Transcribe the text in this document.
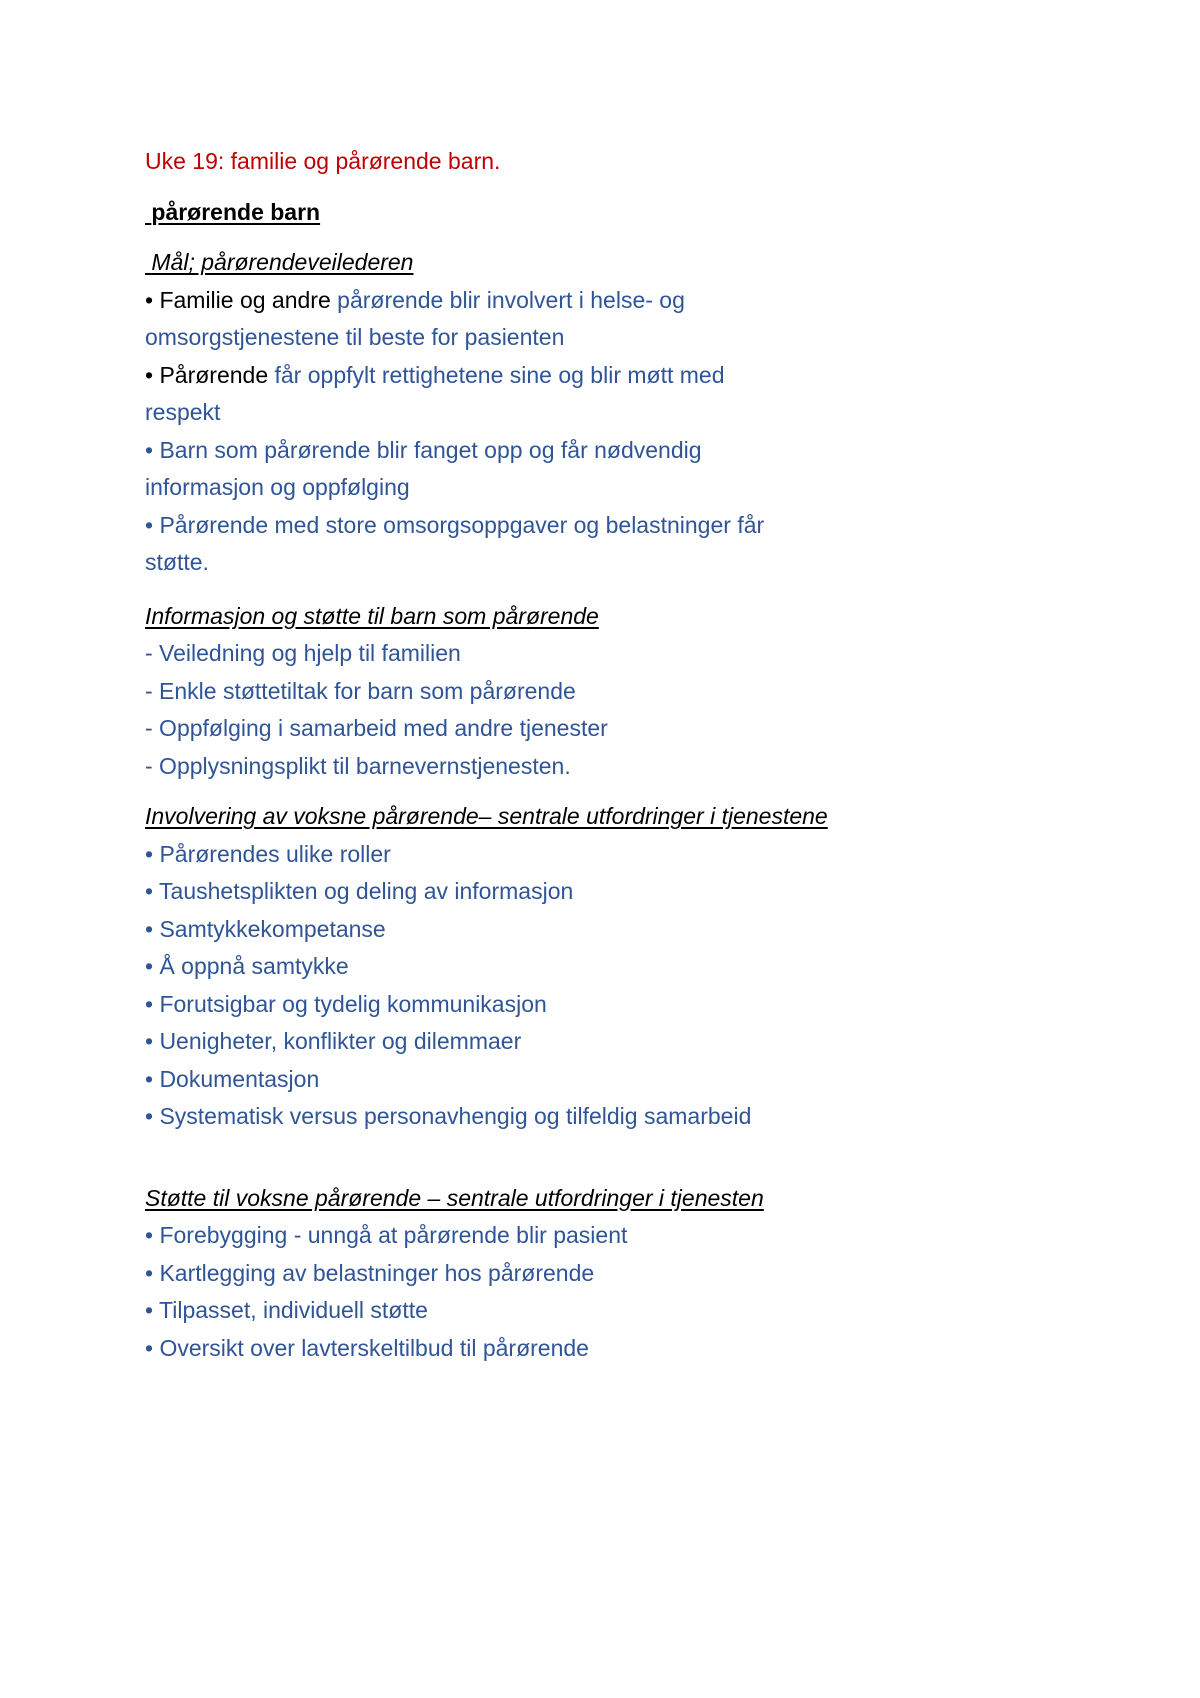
Uke 19: familie og pårørende barn.

pårørende barn

Mål; pårørendeveilederen

• Familie og andre pårørende blir involvert i helse- og

omsorgstjenestene til beste for pasienten

• Pårørende får oppfylt rettighetene sine og blir møtt med

respekt

• Barn som pårørende blir fanget opp og får nødvendig

informasjon og oppfølging

• Pårørende med store omsorgsoppgaver og belastninger får

støtte.

Informasjon og støtte til barn som pårørende

- Veiledning og hjelp til familien

- Enkle støttetiltak for barn som pårørende

- Oppfølging i samarbeid med andre tjenester

- Opplysningsplikt til barnevernstjenesten.

Involvering av voksne pårørende– sentrale utfordringer i tjenestene

• Pårørendes ulike roller

• Taushetsplikten og deling av informasjon

• Samtykkekompetanse

• Å oppnå samtykke

• Forutsigbar og tydelig kommunikasjon

• Uenigheter, konflikter og dilemmaer

• Dokumentasjon

• Systematisk versus personavhengig og tilfeldig samarbeid

Støtte til voksne pårørende – sentrale utfordringer i tjenesten

• Forebygging - unngå at pårørende blir pasient

• Kartlegging av belastninger hos pårørende

• Tilpasset, individuell støtte

• Oversikt over lavterskeltilbud til pårørende
